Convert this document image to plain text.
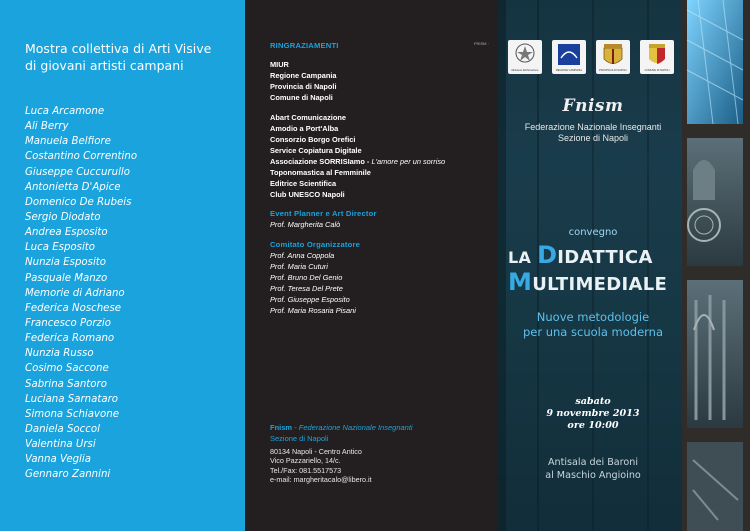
Mostra collettiva di Arti Visive
di giovani artisti campani
Luca Arcamone
Ali Berry
Manuela Belfiore
Costantino Correntino
Giuseppe Cuccurullo
Antonietta D'Apice
Domenico De Rubeis
Sergio Diodato
Andrea Esposito
Luca Esposito
Nunzia Esposito
Pasquale Manzo
Memorie di Adriano
Federica Noschese
Francesco Porzio
Federica Romano
Nunzia Russo
Cosimo Saccone
Sabrina Santoro
Luciana Sarnataro
Simona Schiavone
Daniela Soccol
Valentina Ursi
Vanna Veglia
Gennaro Zannini
FRISM ·
RINGRAZIAMENTI
MIUR
Regione Campania
Provincia di Napoli
Comune di Napoli
Abart Comunicazione
Amodio a Port'Alba
Consorzio Borgo Orefici
Service Copiatura Digitale
Associazione SORRISIamo - L'amore per un sorriso
Toponomastica al Femminile
Editrice Scientifica
Club UNESCO Napoli
Event Planner e Art Director
Prof. Margherita Calò
Comitato Organizzatore
Prof. Anna Coppola
Prof. Maria Cuturi
Prof. Bruno Del Genio
Prof. Teresa Del Prete
Prof. Giuseppe Esposito
Prof. Maria Rosaria Pisani
Fnism - Federazione Nazionale Insegnanti
Sezione di Napoli
80134 Napoli - Centro Antico
Vico Pazzariello, 14/c.
Tel./Fax: 081.5517573
e-mail: margheritacalo@libero.it
Ministero dell'Istruzione	REGIONE CAMPANIA	PROVINCIA DI NAPOLI	COMUNE DI NAPOLI
Fnism
Federazione Nazionale Insegnanti
Sezione di Napoli
convegno
LA DIDATTICA
MULTIMEDIALE
Nuove metodologie
per una scuola moderna
sabato
9 novembre 2013
ore 10:00
Antisala dei Baroni
al Maschio Angioino
